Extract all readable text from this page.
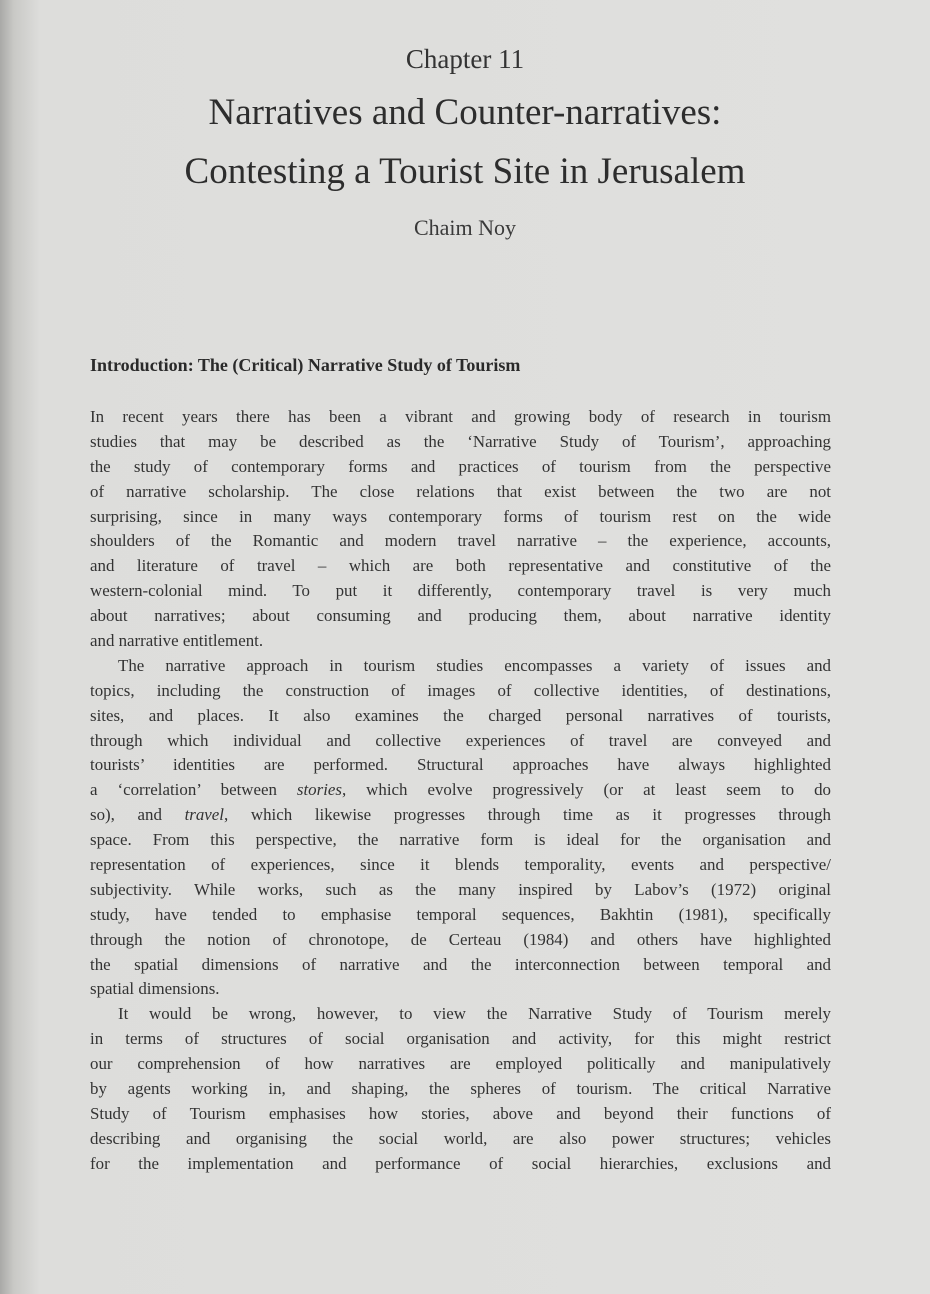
Chapter 11
Narratives and Counter-narratives:
Contesting a Tourist Site in Jerusalem
Chaim Noy
Introduction: The (Critical) Narrative Study of Tourism

In recent years there has been a vibrant and growing body of research in tourism
studies that may be described as the ‘Narrative Study of Tourism’, approaching
the study of contemporary forms and practices of tourism from the perspective
of narrative scholarship. The close relations that exist between the two are not
surprising, since in many ways contemporary forms of tourism rest on the wide
shoulders of the Romantic and modern travel narrative – the experience, accounts,
and literature of travel – which are both representative and constitutive of the
western-colonial mind. To put it differently, contemporary travel is very much
about narratives; about consuming and producing them, about narrative identity
and narrative entitlement.

The narrative approach in tourism studies encompasses a variety of issues and
topics, including the construction of images of collective identities, of destinations,
sites, and places. It also examines the charged personal narratives of tourists,
through which individual and collective experiences of travel are conveyed and
tourists’ identities are performed. Structural approaches have always highlighted
a ‘correlation’ between stories, which evolve progressively (or at least seem to do
so), and travel, which likewise progresses through time as it progresses through
space. From this perspective, the narrative form is ideal for the organisation and
representation of experiences, since it blends temporality, events and perspective/
subjectivity. While works, such as the many inspired by Labov’s (1972) original
study, have tended to emphasise temporal sequences, Bakhtin (1981), specifically
through the notion of chronotope, de Certeau (1984) and others have highlighted
the spatial dimensions of narrative and the interconnection between temporal and
spatial dimensions.

It would be wrong, however, to view the Narrative Study of Tourism merely
in terms of structures of social organisation and activity, for this might restrict
our comprehension of how narratives are employed politically and manipulatively
by agents working in, and shaping, the spheres of tourism. The critical Narrative
Study of Tourism emphasises how stories, above and beyond their functions of
describing and organising the social world, are also power structures; vehicles
for the implementation and performance of social hierarchies, exclusions and
